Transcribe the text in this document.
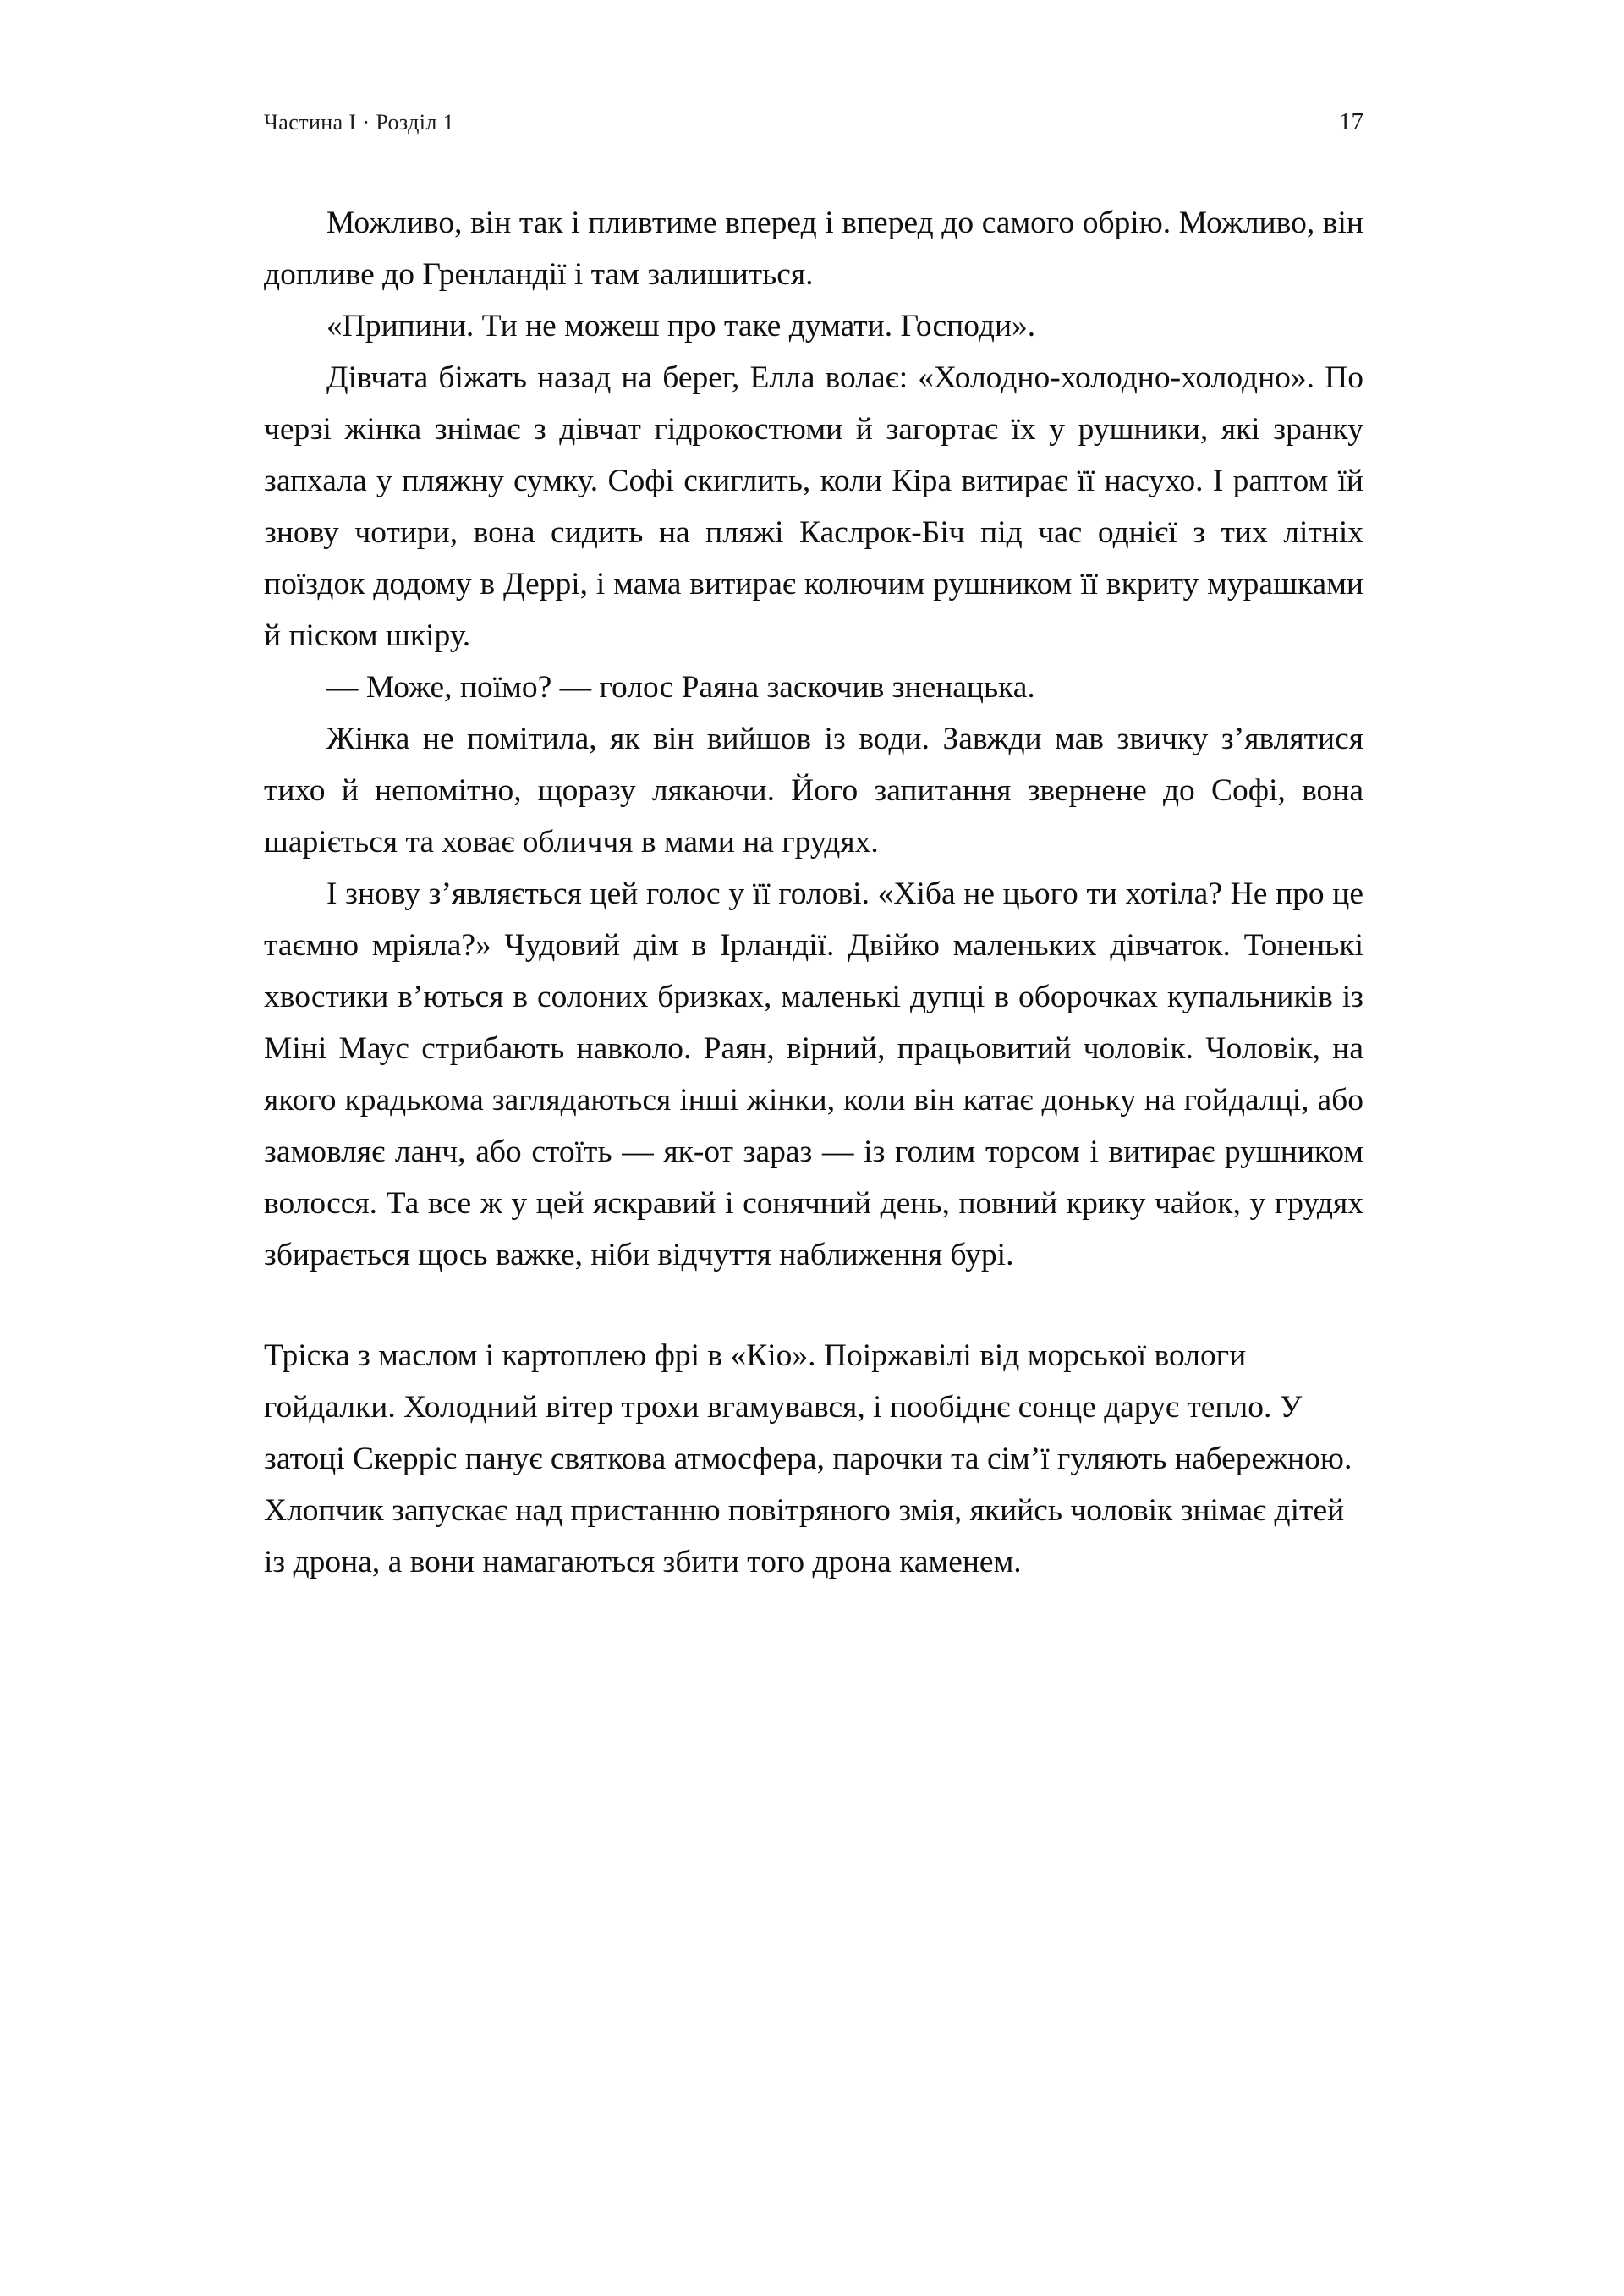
Частина I · Розділ 1	17

Можливо, він так і пливтиме вперед і вперед до самого обрію. Можливо, він допливе до Гренландії і там залишиться.

«Припини. Ти не можеш про таке думати. Господи».

Дівчата біжать назад на берег, Елла волає: «Холодно-холодно-холодно». По черзі жінка знімає з дівчат гідрокостюми й загортає їх у рушники, які зранку запхала у пляжну сумку. Софі скиглить, коли Кіра витирає її насухо. І раптом їй знову чотири, вона сидить на пляжі Каслрок-Біч під час однієї з тих літніх поїздок додому в Деррі, і мама витирає колючим рушником її вкриту мурашками й піском шкіру.

— Може, поїмо? — голос Раяна заскочив зненацька.

Жінка не помітила, як він вийшов із води. Завжди мав звичку з’являтися тихо й непомітно, щоразу лякаючи. Його запитання звернене до Софі, вона шаріється та ховає обличчя в мами на грудях.

І знову з’являється цей голос у її голові. «Хіба не цього ти хотіла? Не про це таємно мріяла?» Чудовий дім в Ірландії. Двійко маленьких дівчаток. Тоненькі хвостики в’ються в солоних бризках, маленькі дупці в оборочках купальників із Міні Маус стрибають навколо. Раян, вірний, працьовитий чоловік. Чоловік, на якого крадькома заглядаються інші жінки, коли він катає доньку на гойдалці, або замовляє ланч, або стоїть — як-от зараз — із голим торсом і витирає рушником волосся. Та все ж у цей яскравий і сонячний день, повний крику чайок, у грудях збирається щось важке, ніби відчуття наближення бурі.

Тріска з маслом і картоплею фрі в «Кіо». Поіржавілі від морської вологи гойдалки. Холодний вітер трохи вгамувався, і пообіднє сонце дарує тепло. У затоці Скерріс панує святкова атмосфера, парочки та сім’ї гуляють набережною. Хлопчик запускає над пристанню повітряного змія, якийсь чоловік знімає дітей із дрона, а вони намагаються збити того дрона каменем.
